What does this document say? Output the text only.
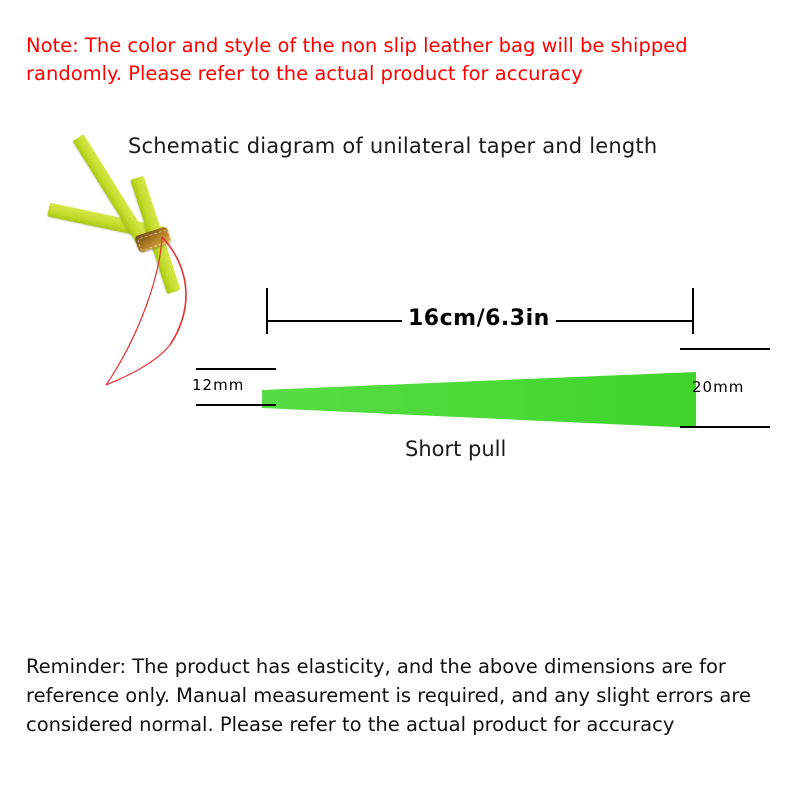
Note: The color and style of the non slip leather bag will be shipped randomly. Please refer to the actual product for accuracy
Schematic diagram of unilateral taper and length
16cm/6.3in
12mm	20mm
Short pull
Reminder: The product has elasticity, and the above dimensions are for reference only. Manual measurement is required, and any slight errors are considered normal. Please refer to the actual product for accuracy
